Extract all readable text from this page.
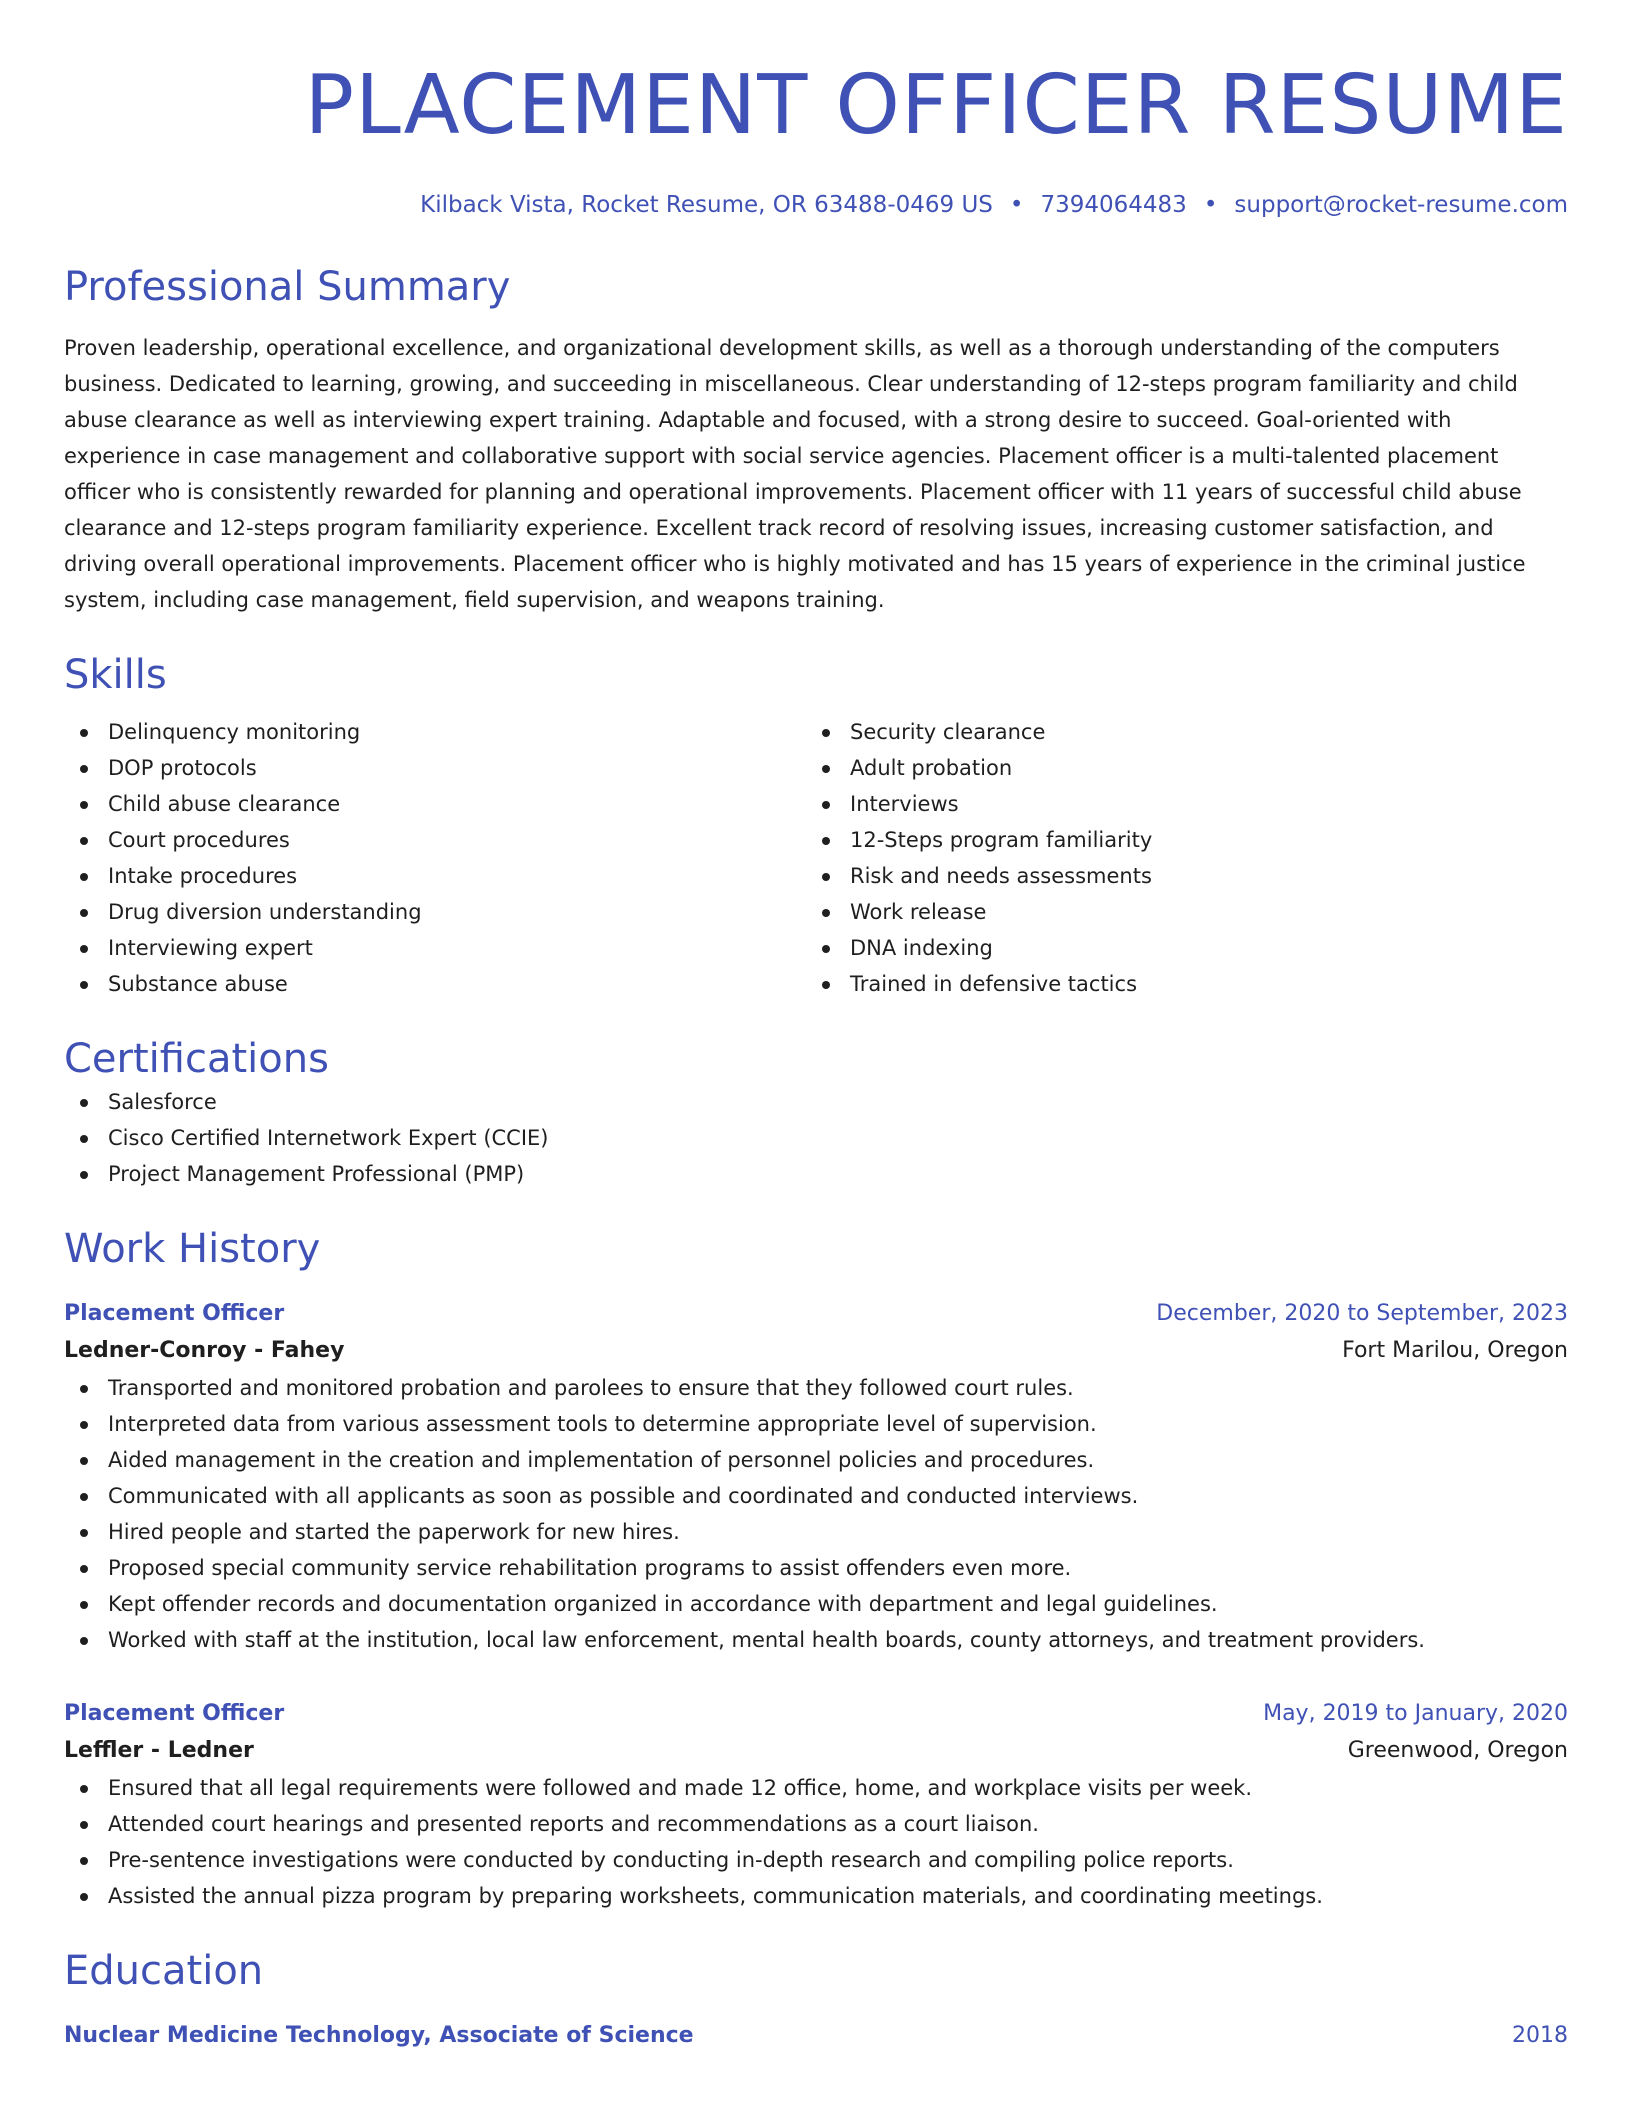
PLACEMENT OFFICER RESUME
Kilback Vista, Rocket Resume, OR 63488-0469 US • 7394064483 • support@rocket-resume.com
Professional Summary
Proven leadership, operational excellence, and organizational development skills, as well as a thorough understanding of the computers business. Dedicated to learning, growing, and succeeding in miscellaneous. Clear understanding of 12-steps program familiarity and child abuse clearance as well as interviewing expert training. Adaptable and focused, with a strong desire to succeed. Goal-oriented with experience in case management and collaborative support with social service agencies. Placement officer is a multi-talented placement officer who is consistently rewarded for planning and operational improvements. Placement officer with 11 years of successful child abuse clearance and 12-steps program familiarity experience. Excellent track record of resolving issues, increasing customer satisfaction, and driving overall operational improvements. Placement officer who is highly motivated and has 15 years of experience in the criminal justice system, including case management, field supervision, and weapons training.
Skills
Delinquency monitoring
DOP protocols
Child abuse clearance
Court procedures
Intake procedures
Drug diversion understanding
Interviewing expert
Substance abuse
Security clearance
Adult probation
Interviews
12-Steps program familiarity
Risk and needs assessments
Work release
DNA indexing
Trained in defensive tactics
Certifications
Salesforce
Cisco Certified Internetwork Expert (CCIE)
Project Management Professional (PMP)
Work History
Placement Officer	December, 2020 to September, 2023
Ledner-Conroy - Fahey	Fort Marilou, Oregon
Transported and monitored probation and parolees to ensure that they followed court rules.
Interpreted data from various assessment tools to determine appropriate level of supervision.
Aided management in the creation and implementation of personnel policies and procedures.
Communicated with all applicants as soon as possible and coordinated and conducted interviews.
Hired people and started the paperwork for new hires.
Proposed special community service rehabilitation programs to assist offenders even more.
Kept offender records and documentation organized in accordance with department and legal guidelines.
Worked with staff at the institution, local law enforcement, mental health boards, county attorneys, and treatment providers.
Placement Officer	May, 2019 to January, 2020
Leffler - Ledner	Greenwood, Oregon
Ensured that all legal requirements were followed and made 12 office, home, and workplace visits per week.
Attended court hearings and presented reports and recommendations as a court liaison.
Pre-sentence investigations were conducted by conducting in-depth research and compiling police reports.
Assisted the annual pizza program by preparing worksheets, communication materials, and coordinating meetings.
Education
Nuclear Medicine Technology, Associate of Science	2018
